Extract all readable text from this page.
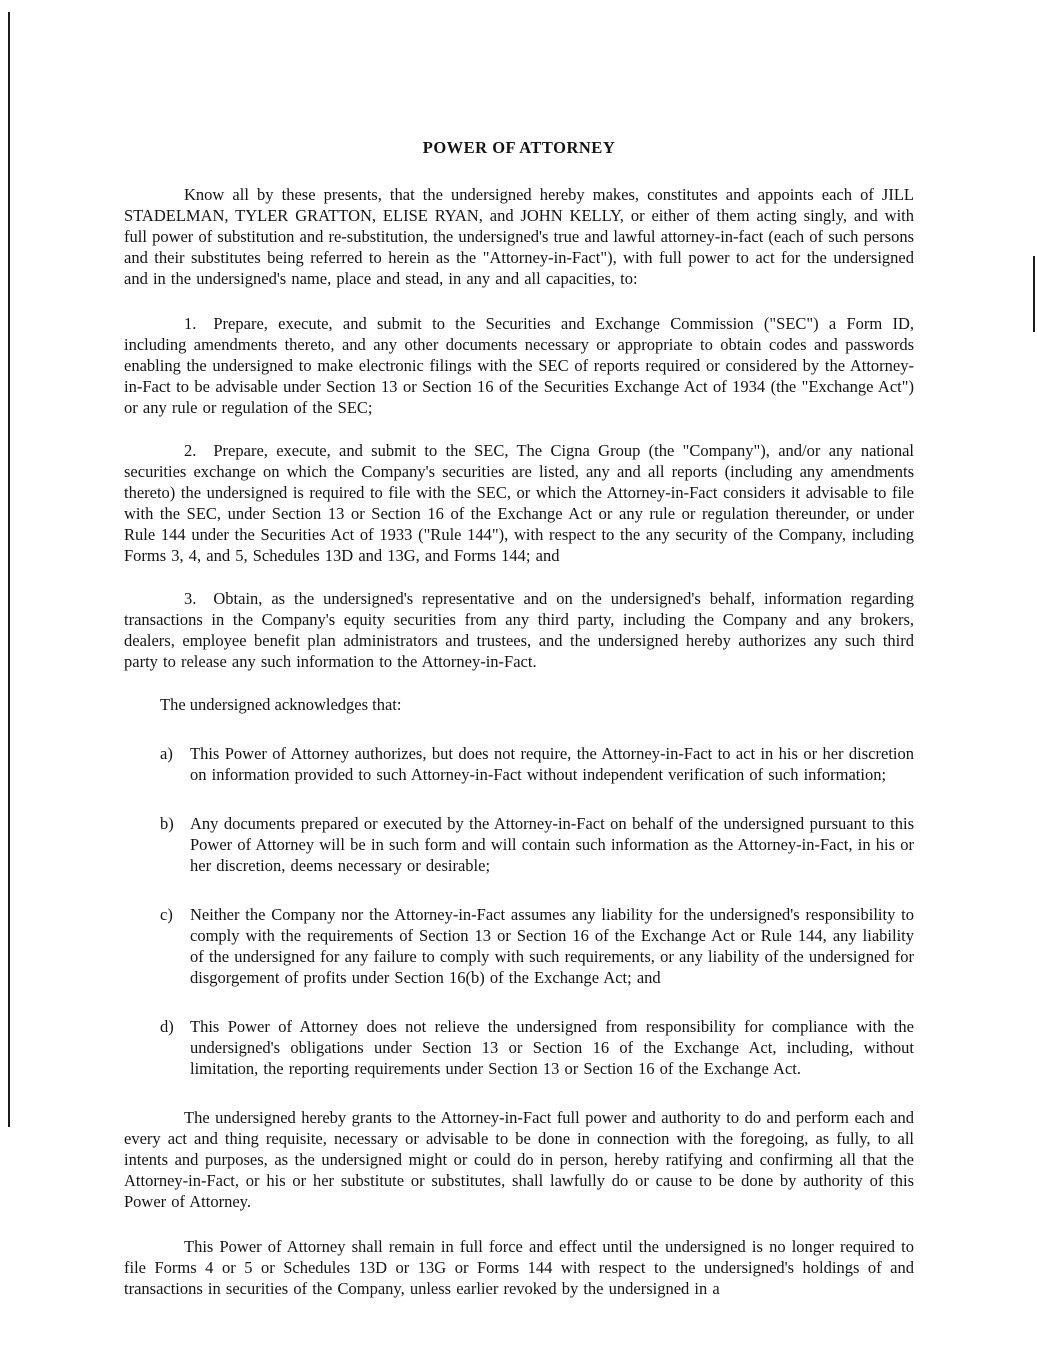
POWER OF ATTORNEY

Know all by these presents, that the undersigned hereby makes, constitutes and appoints each of JILL STADELMAN, TYLER GRATTON, ELISE RYAN, and JOHN KELLY, or either of them acting singly, and with full power of substitution and re-substitution, the undersigned's true and lawful attorney-in-fact (each of such persons and their substitutes being referred to herein as the "Attorney-in-Fact"), with full power to act for the undersigned and in the undersigned's name, place and stead, in any and all capacities, to:

1. Prepare, execute, and submit to the Securities and Exchange Commission ("SEC") a Form ID, including amendments thereto, and any other documents necessary or appropriate to obtain codes and passwords enabling the undersigned to make electronic filings with the SEC of reports required or considered by the Attorney-in-Fact to be advisable under Section 13 or Section 16 of the Securities Exchange Act of 1934 (the "Exchange Act") or any rule or regulation of the SEC;

2. Prepare, execute, and submit to the SEC, The Cigna Group (the "Company"), and/or any national securities exchange on which the Company's securities are listed, any and all reports (including any amendments thereto) the undersigned is required to file with the SEC, or which the Attorney-in-Fact considers it advisable to file with the SEC, under Section 13 or Section 16 of the Exchange Act or any rule or regulation thereunder, or under Rule 144 under the Securities Act of 1933 ("Rule 144"), with respect to the any security of the Company, including Forms 3, 4, and 5, Schedules 13D and 13G, and Forms 144; and

3. Obtain, as the undersigned's representative and on the undersigned's behalf, information regarding transactions in the Company's equity securities from any third party, including the Company and any brokers, dealers, employee benefit plan administrators and trustees, and the undersigned hereby authorizes any such third party to release any such information to the Attorney-in-Fact.

The undersigned acknowledges that:

a) This Power of Attorney authorizes, but does not require, the Attorney-in-Fact to act in his or her discretion on information provided to such Attorney-in-Fact without independent verification of such information;
b) Any documents prepared or executed by the Attorney-in-Fact on behalf of the undersigned pursuant to this Power of Attorney will be in such form and will contain such information as the Attorney-in-Fact, in his or her discretion, deems necessary or desirable;
c) Neither the Company nor the Attorney-in-Fact assumes any liability for the undersigned's responsibility to comply with the requirements of Section 13 or Section 16 of the Exchange Act or Rule 144, any liability of the undersigned for any failure to comply with such requirements, or any liability of the undersigned for disgorgement of profits under Section 16(b) of the Exchange Act; and
d) This Power of Attorney does not relieve the undersigned from responsibility for compliance with the undersigned's obligations under Section 13 or Section 16 of the Exchange Act, including, without limitation, the reporting requirements under Section 13 or Section 16 of the Exchange Act.

The undersigned hereby grants to the Attorney-in-Fact full power and authority to do and perform each and every act and thing requisite, necessary or advisable to be done in connection with the foregoing, as fully, to all intents and purposes, as the undersigned might or could do in person, hereby ratifying and confirming all that the Attorney-in-Fact, or his or her substitute or substitutes, shall lawfully do or cause to be done by authority of this Power of Attorney.

This Power of Attorney shall remain in full force and effect until the undersigned is no longer required to file Forms 4 or 5 or Schedules 13D or 13G or Forms 144 with respect to the undersigned's holdings of and transactions in securities of the Company, unless earlier revoked by the undersigned in a
